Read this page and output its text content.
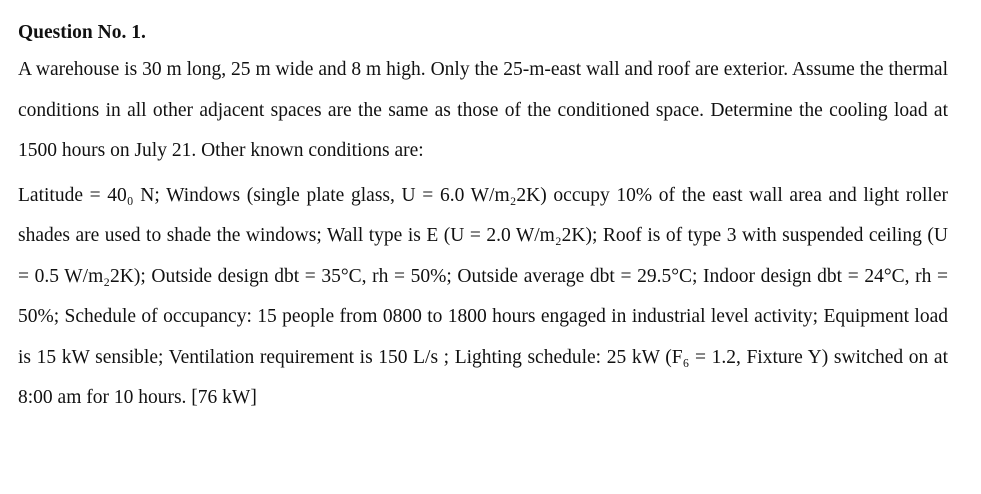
Question No. 1.

A warehouse is 30 m long, 25 m wide and 8 m high. Only the 25-m-east wall and roof are exterior. Assume the thermal conditions in all other adjacent spaces are the same as those of the conditioned space. Determine the cooling load at 1500 hours on July 21. Other known conditions are:

Latitude = 40₀ N; Windows (single plate glass, U = 6.0 W/m₂2K) occupy 10% of the east wall area and light roller shades are used to shade the windows; Wall type is E (U = 2.0 W/m₂2K); Roof is of type 3 with suspended ceiling (U = 0.5 W/m₂2K); Outside design dbt = 35°C, rh = 50%; Outside average dbt = 29.5°C; Indoor design dbt = 24°C, rh = 50%; Schedule of occupancy: 15 people from 0800 to 1800 hours engaged in industrial level activity; Equipment load is 15 kW sensible; Ventilation requirement is 150 L/s ; Lighting schedule: 25 kW (F₆ = 1.2, Fixture Y) switched on at 8:00 am for 10 hours. [76 kW]
